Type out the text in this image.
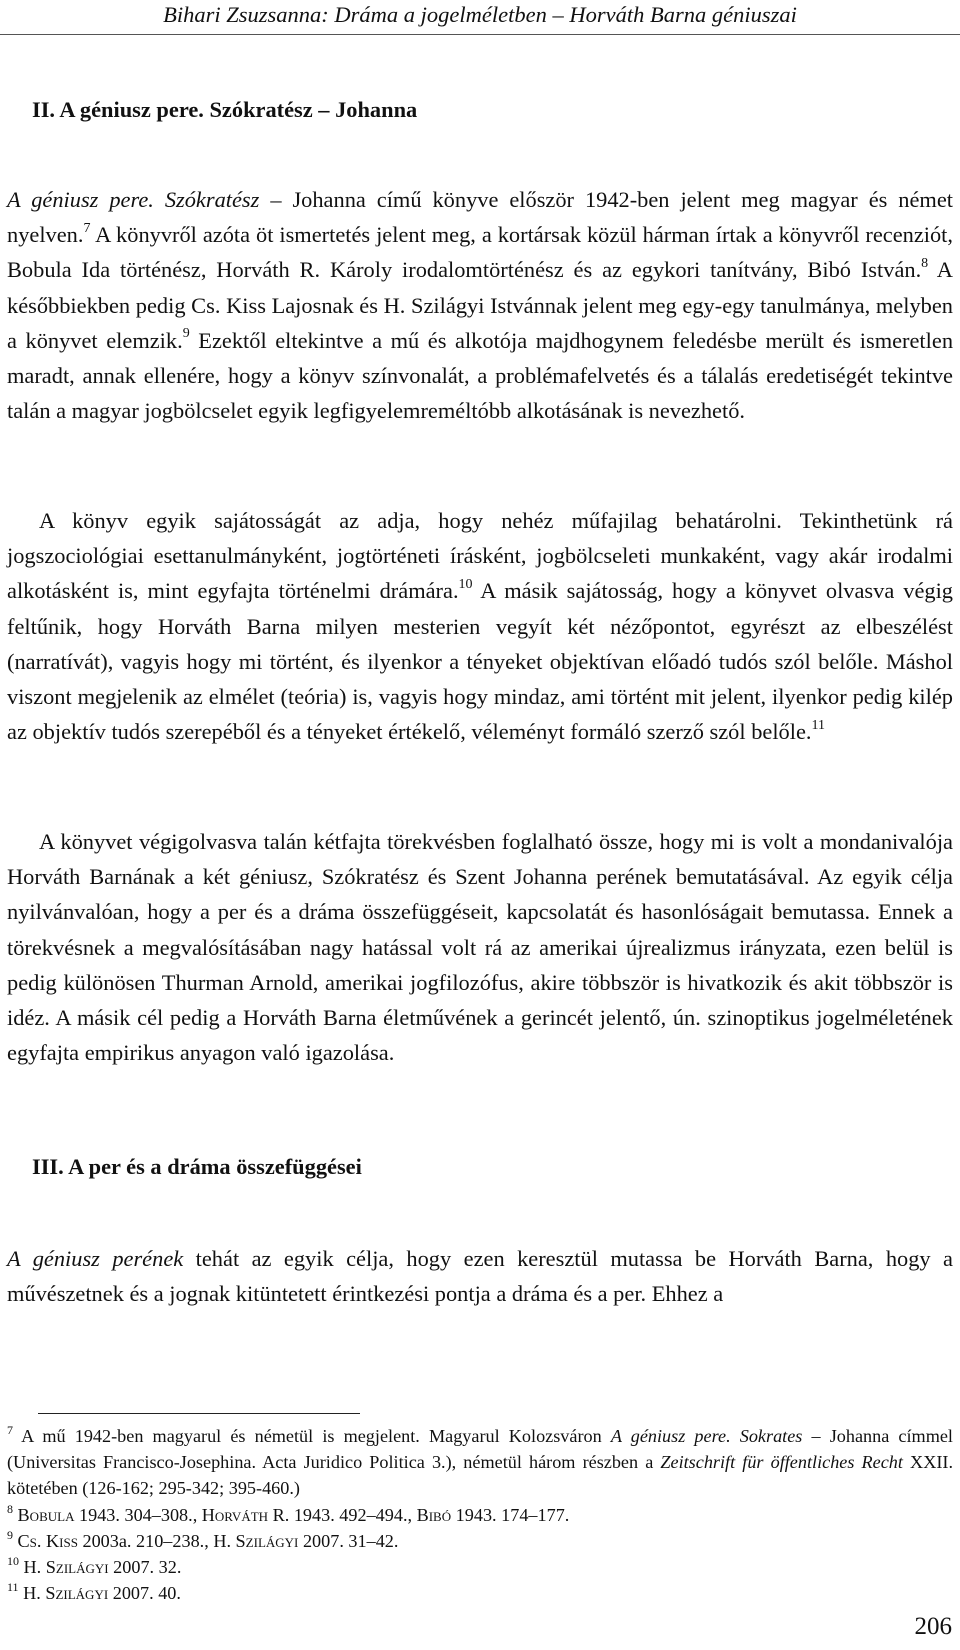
Bihari Zsuzsanna: Dráma a jogelméletben – Horváth Barna géniuszai
II. A géniusz pere. Szókratész – Johanna

A géniusz pere. Szókratész – Johanna című könyve először 1942-ben jelent meg magyar és német nyelven.$^7$ A könyvről azóta öt ismertetés jelent meg, a kortársak közül hárman írtak a könyvről recenziót, Bobula Ida történész, Horváth R. Károly irodalomtörténész és az egykori tanítvány, Bibó István.$^8$ A későbbiekben pedig Cs. Kiss Lajosnak és H. Szilágyi Istvánnak jelent meg egy-egy tanulmánya, melyben a könyvet elemzik.$^9$ Ezektől eltekintve a mű és alkotója majdhogynem feledésbe merült és ismeretlen maradt, annak ellenére, hogy a könyv színvonalát, a problémafelvetés és a tálalás eredetiségét tekintve talán a magyar jogbölcselet egyik legfigyelemreméltóbb alkotásának is nevezhető.

A könyv egyik sajátosságát az adja, hogy nehéz műfajilag behatárolni. Tekinthetünk rá jogszociológiai esettanulmányként, jogtörténeti írásként, jogbölcseleti munkaként, vagy akár irodalmi alkotásként is, mint egyfajta történelmi drámára.$^{10}$ A másik sajátosság, hogy a könyvet olvasva végig feltűnik, hogy Horváth Barna milyen mesterien vegyít két nézőpontot, egyrészt az elbeszélést (narratívát), vagyis hogy mi történt, és ilyenkor a tényeket objektívan előadó tudós szól belőle. Máshol viszont megjelenik az elmélet (teória) is, vagyis hogy mindaz, ami történt mit jelent, ilyenkor pedig kilép az objektív tudós szerepéből és a tényeket értékelő, véleményt formáló szerző szól belőle.$^{11}$

A könyvet végigolvasva talán kétfajta törekvésben foglalható össze, hogy mi is volt a mondanivalója Horváth Barnának a két géniusz, Szókratész és Szent Johanna perének bemutatásával. Az egyik célja nyilvánvalóan, hogy a per és a dráma összefüggéseit, kapcsolatát és hasonlóságait bemutassa. Ennek a törekvésnek a megvalósításában nagy hatással volt rá az amerikai újrealizmus irányzata, ezen belül is pedig különösen Thurman Arnold, amerikai jogfilozófus, akire többször is hivatkozik és akit többször is idéz. A másik cél pedig a Horváth Barna életművének a gerincét jelentő, ún. szinoptikus jogelméletének egyfajta empirikus anyagon való igazolása.

III. A per és a dráma összefüggései

A géniusz perének tehát az egyik célja, hogy ezen keresztül mutassa be Horváth Barna, hogy a művészetnek és a jognak kitüntetett érintkezési pontja a dráma és a per. Ehhez a

$^7$ A mű 1942-ben magyarul és németül is megjelent. Magyarul Kolozsváron A géniusz pere. Sokrates – Johanna címmel (Universitas Francisco-Josephina. Acta Juridico Politica 3.), németül három részben a Zeitschrift für öffentliches Recht XXII. kötetében (126-162; 295-342; 395-460.)

$^8$ Bobula 1943. 304–308., Horváth R. 1943. 492–494., Bibó 1943. 174–177.

$^9$ Cs. Kiss 2003a. 210–238., H. Szilágyi 2007. 31–42.

$^{10}$ H. Szilágyi 2007. 32.

$^{11}$ H. Szilágyi 2007. 40.

206
